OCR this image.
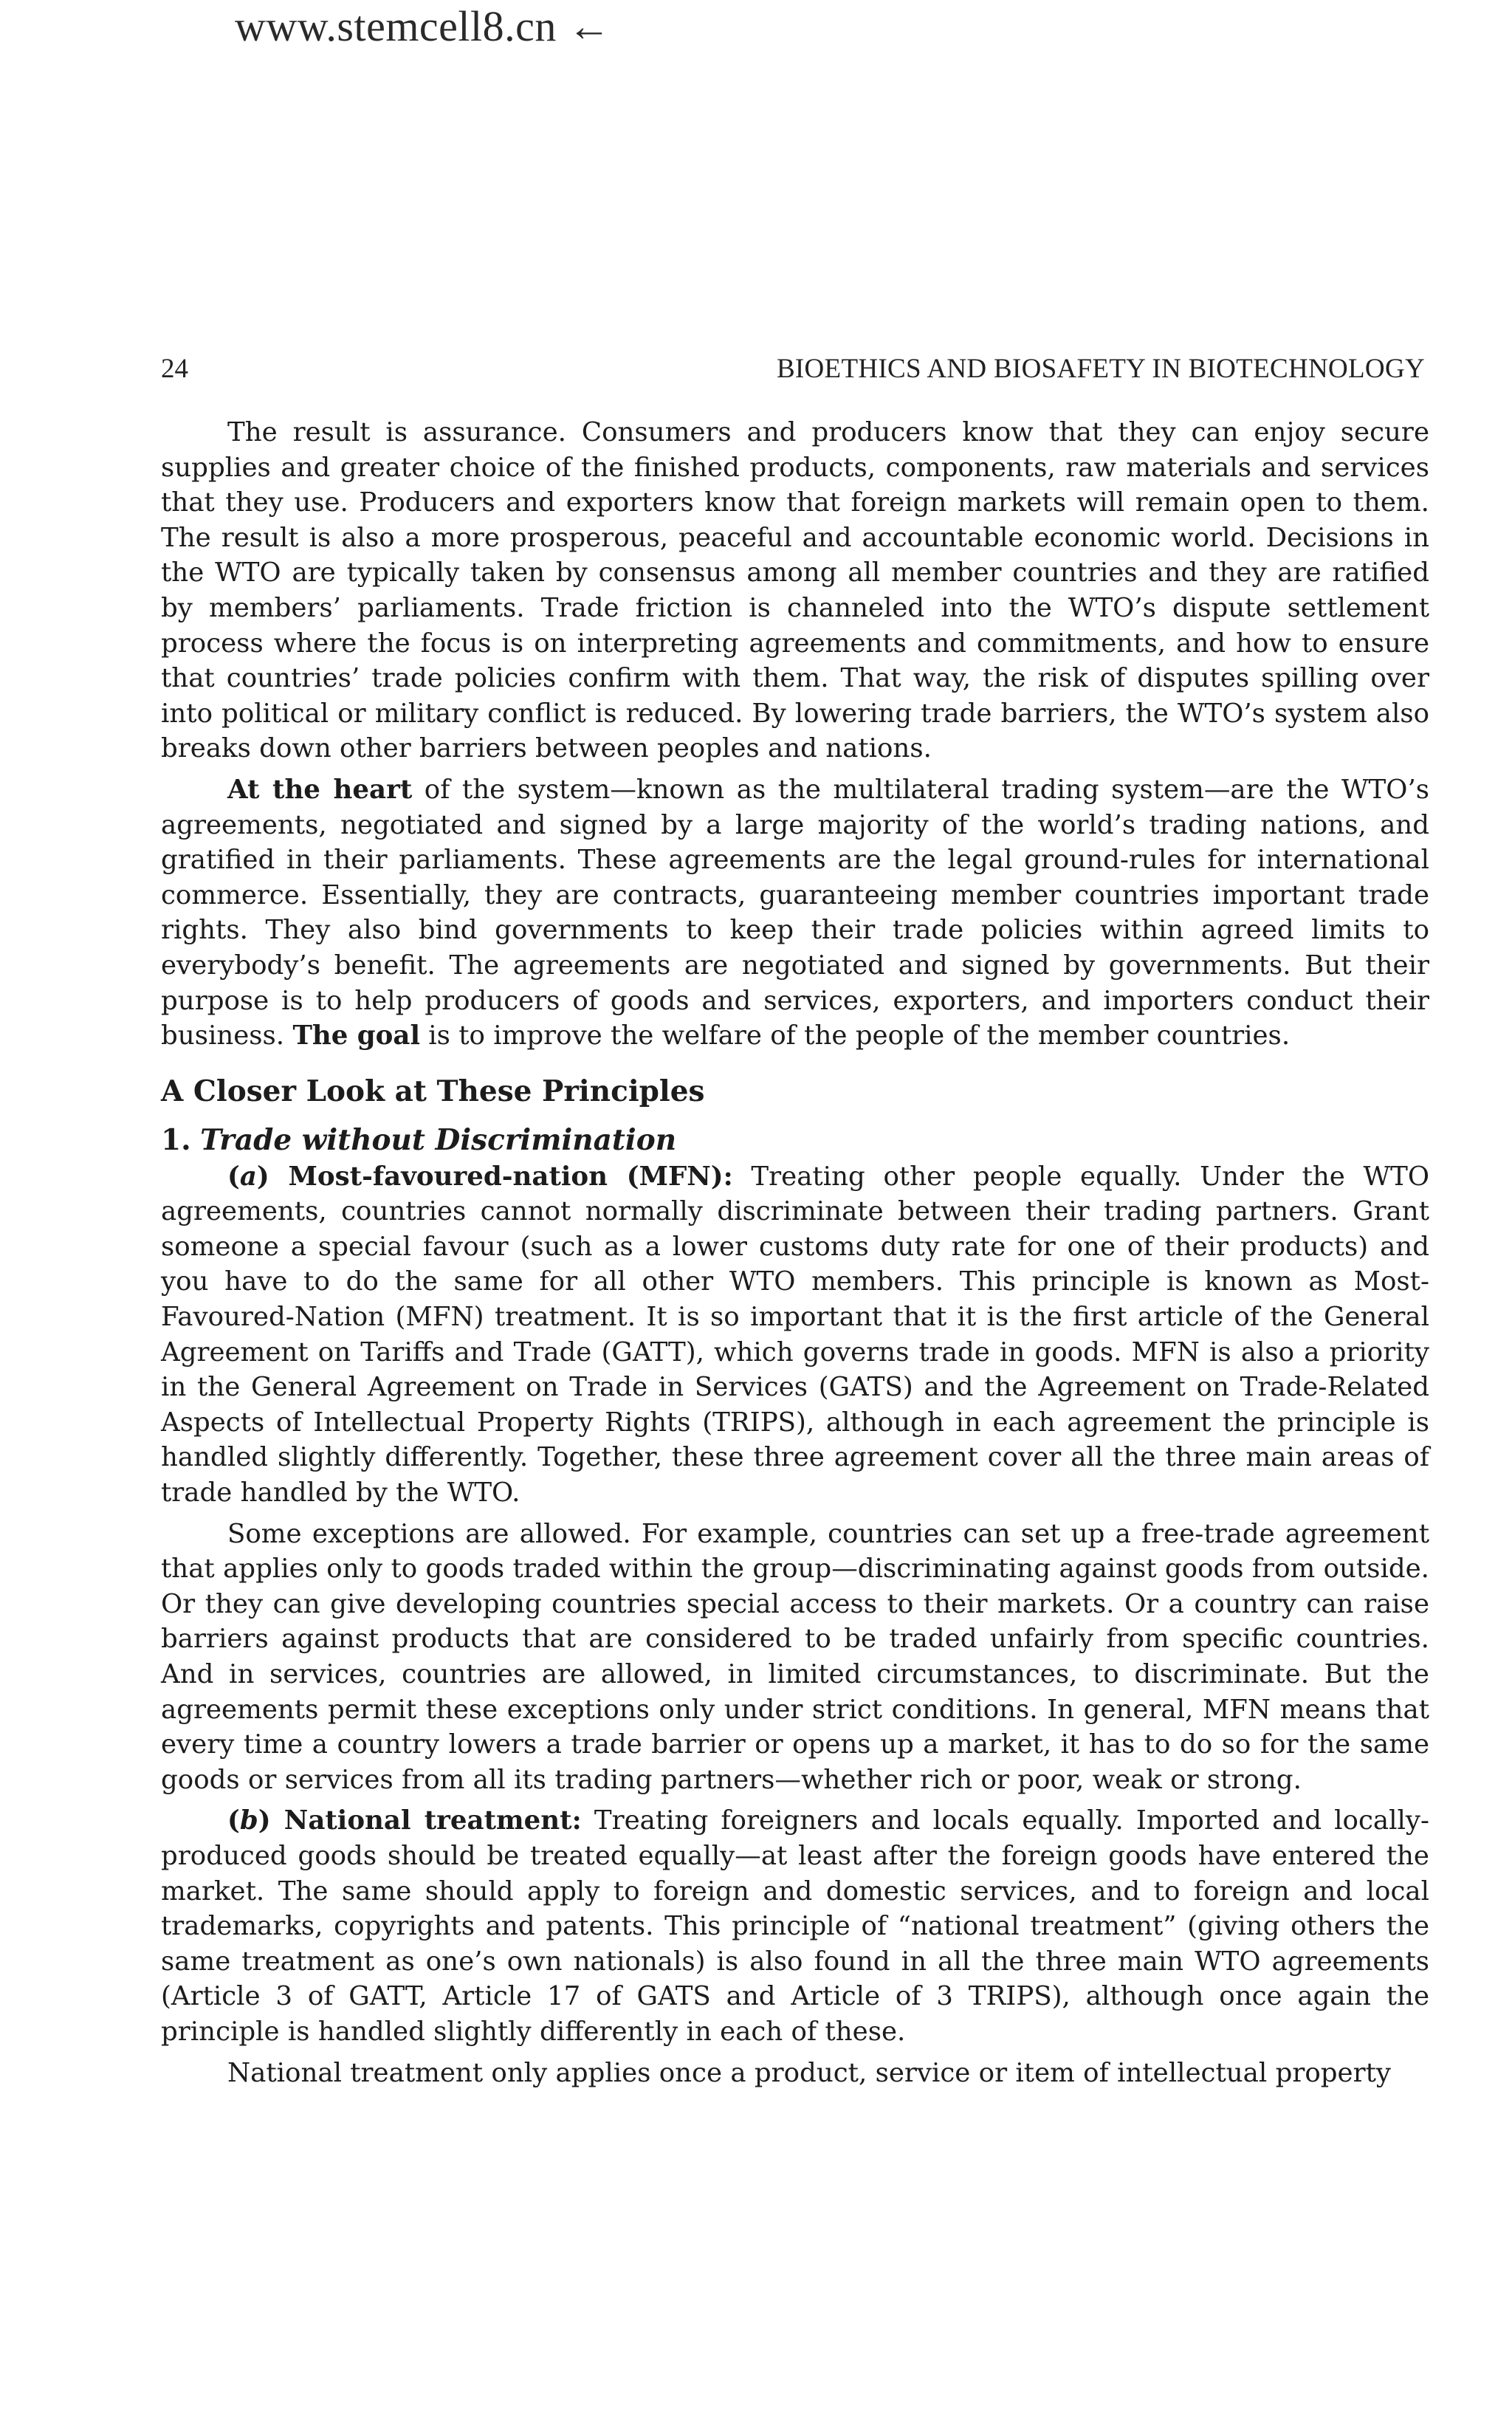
www.stemcell8.cn ←
24	BIOETHICS AND BIOSAFETY IN BIOTECHNOLOGY

The result is assurance. Consumers and producers know that they can enjoy secure supplies and greater choice of the finished products, components, raw materials and services that they use. Producers and exporters know that foreign markets will remain open to them. The result is also a more prosperous, peaceful and accountable economic world. Decisions in the WTO are typically taken by consensus among all member countries and they are ratified by members’ parliaments. Trade friction is channeled into the WTO’s dispute settlement process where the focus is on interpreting agreements and commitments, and how to ensure that countries’ trade policies confirm with them. That way, the risk of disputes spilling over into political or military conflict is reduced. By lowering trade barriers, the WTO’s system also breaks down other barriers between peoples and nations.

At the heart of the system—known as the multilateral trading system—are the WTO’s agreements, negotiated and signed by a large majority of the world’s trading nations, and gratified in their parliaments. These agreements are the legal ground-rules for international commerce. Essentially, they are contracts, guaranteeing member countries important trade rights. They also bind governments to keep their trade policies within agreed limits to everybody’s benefit. The agreements are negotiated and signed by governments. But their purpose is to help producers of goods and services, exporters, and importers conduct their business. The goal is to improve the welfare of the people of the member countries.

A Closer Look at These Principles
1. Trade without Discrimination

(a) Most-favoured-nation (MFN): Treating other people equally. Under the WTO agreements, countries cannot normally discriminate between their trading partners. Grant someone a special favour (such as a lower customs duty rate for one of their products) and you have to do the same for all other WTO members. This principle is known as Most-Favoured-Nation (MFN) treatment. It is so important that it is the first article of the General Agreement on Tariffs and Trade (GATT), which governs trade in goods. MFN is also a priority in the General Agreement on Trade in Services (GATS) and the Agreement on Trade-Related Aspects of Intellectual Property Rights (TRIPS), although in each agreement the principle is handled slightly differently. Together, these three agreement cover all the three main areas of trade handled by the WTO.

Some exceptions are allowed. For example, countries can set up a free-trade agreement that applies only to goods traded within the group—discriminating against goods from outside. Or they can give developing countries special access to their markets. Or a country can raise barriers against products that are considered to be traded unfairly from specific countries. And in services, countries are allowed, in limited circumstances, to discriminate. But the agreements permit these exceptions only under strict conditions. In general, MFN means that every time a country lowers a trade barrier or opens up a market, it has to do so for the same goods or services from all its trading partners—whether rich or poor, weak or strong.

(b) National treatment: Treating foreigners and locals equally. Imported and locally-produced goods should be treated equally—at least after the foreign goods have entered the market. The same should apply to foreign and domestic services, and to foreign and local trademarks, copyrights and patents. This principle of “national treatment” (giving others the same treatment as one’s own nationals) is also found in all the three main WTO agreements (Article 3 of GATT, Article 17 of GATS and Article of 3 TRIPS), although once again the principle is handled slightly differently in each of these.

National treatment only applies once a product, service or item of intellectual property
